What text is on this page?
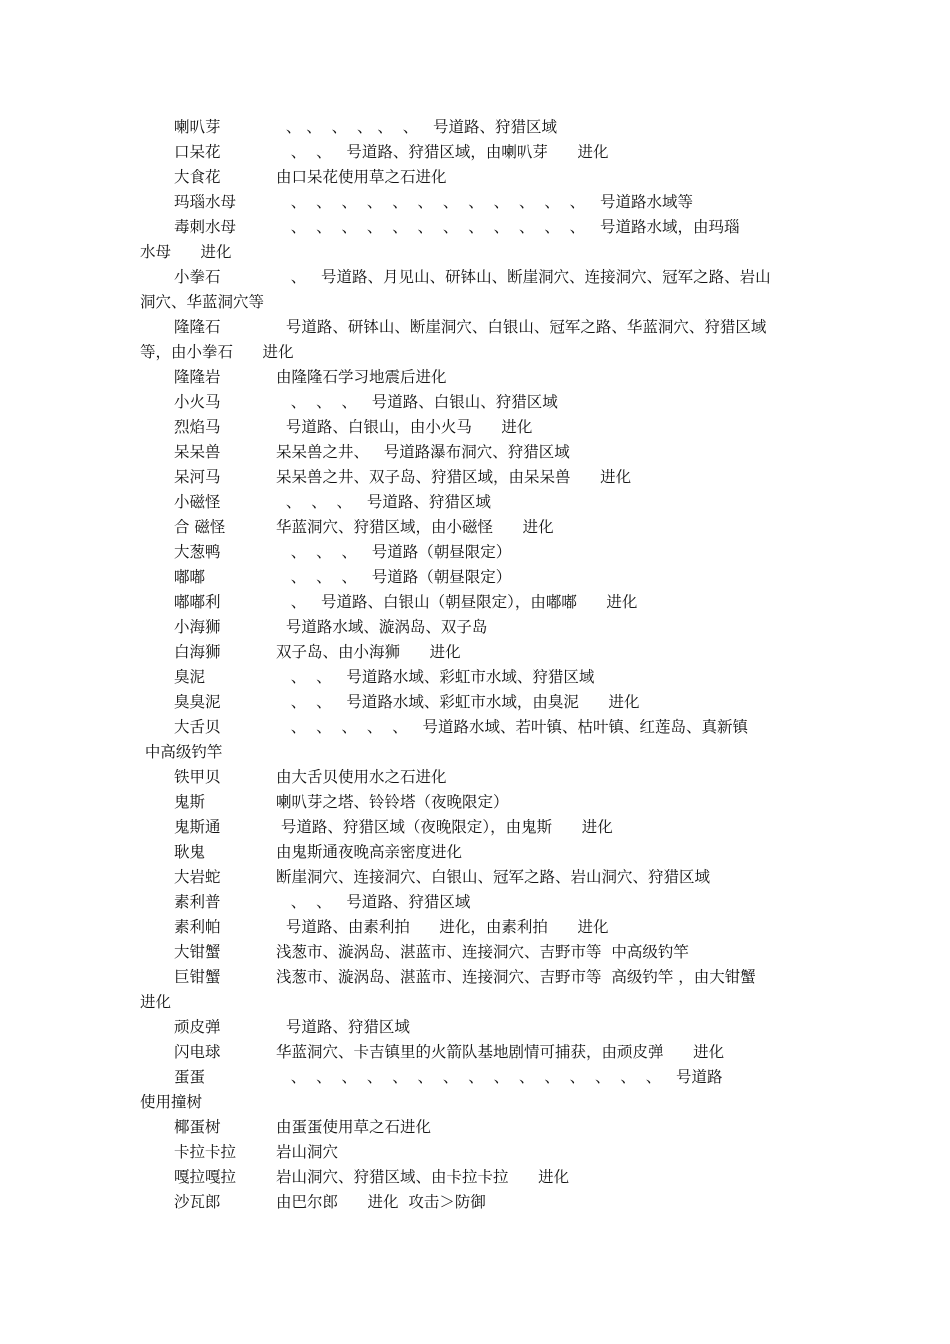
喇叭芽	、 、  、  、 、  、   号道路、狩猎区域
口呆花	、  、   号道路、狩猎区域，由喇叭芽      进化
大食花	由口呆花使用草之石进化
玛瑙水母	、  、  、  、  、  、  、  、  、  、  、  、   号道路水域等
毒刺水母	、  、  、  、  、  、  、  、  、  、  、  、   号道路水域，由玛瑙
水母      进化
小拳石	、   号道路、月见山、研钵山、断崖洞穴、连接洞穴、冠军之路、岩山
洞穴、华蓝洞穴等
隆隆石	号道路、研钵山、断崖洞穴、白银山、冠军之路、华蓝洞穴、狩猎区域
等，由小拳石      进化
隆隆岩	由隆隆石学习地震后进化
小火马	、  、  、   号道路、白银山、狩猎区域
烈焰马	号道路、白银山，由小火马      进化
呆呆兽	呆呆兽之井、   号道路瀑布洞穴、狩猎区域
呆河马	呆呆兽之井、双子岛、狩猎区域，由呆呆兽      进化
小磁怪	、  、  、   号道路、狩猎区域
合 磁怪	华蓝洞穴、狩猎区域，由小磁怪      进化
大葱鸭	、  、  、   号道路（朝昼限定）
嘟嘟	、  、  、   号道路（朝昼限定）
嘟嘟利	、   号道路、白银山（朝昼限定），由嘟嘟      进化
小海狮	号道路水域、漩涡岛、双子岛
白海狮	双子岛、由小海狮      进化
臭泥	、  、   号道路水域、彩虹市水域、狩猎区域
臭臭泥	、  、   号道路水域、彩虹市水域，由臭泥      进化
大舌贝	、  、  、  、  、   号道路水域、若叶镇、枯叶镇、红莲岛、真新镇
中高级钓竿
铁甲贝	由大舌贝使用水之石进化
鬼斯	喇叭芽之塔、铃铃塔（夜晚限定）
鬼斯通	号道路、狩猎区域（夜晚限定），由鬼斯      进化
耿鬼	由鬼斯通夜晚高亲密度进化
大岩蛇	断崖洞穴、连接洞穴、白银山、冠军之路、岩山洞穴、狩猎区域
素利普	、  、   号道路、狩猎区域
素利帕	号道路、由素利拍      进化，由素利拍      进化
大钳蟹	浅葱市、漩涡岛、湛蓝市、连接洞穴、吉野市等  中高级钓竿
巨钳蟹	浅葱市、漩涡岛、湛蓝市、连接洞穴、吉野市等  高级钓竿 ，由大钳蟹
进化
顽皮弹	号道路、狩猎区域
闪电球	华蓝洞穴、卡吉镇里的火箭队基地剧情可捕获，由顽皮弹      进化
蛋蛋	、  、  、  、  、  、  、  、  、  、  、  、  、  、  、   号道路
使用撞树
椰蛋树	由蛋蛋使用草之石进化
卡拉卡拉	岩山洞穴
嘎拉嘎拉	岩山洞穴、狩猎区域、由卡拉卡拉      进化
沙瓦郎	由巴尔郎      进化  攻击＞防御
